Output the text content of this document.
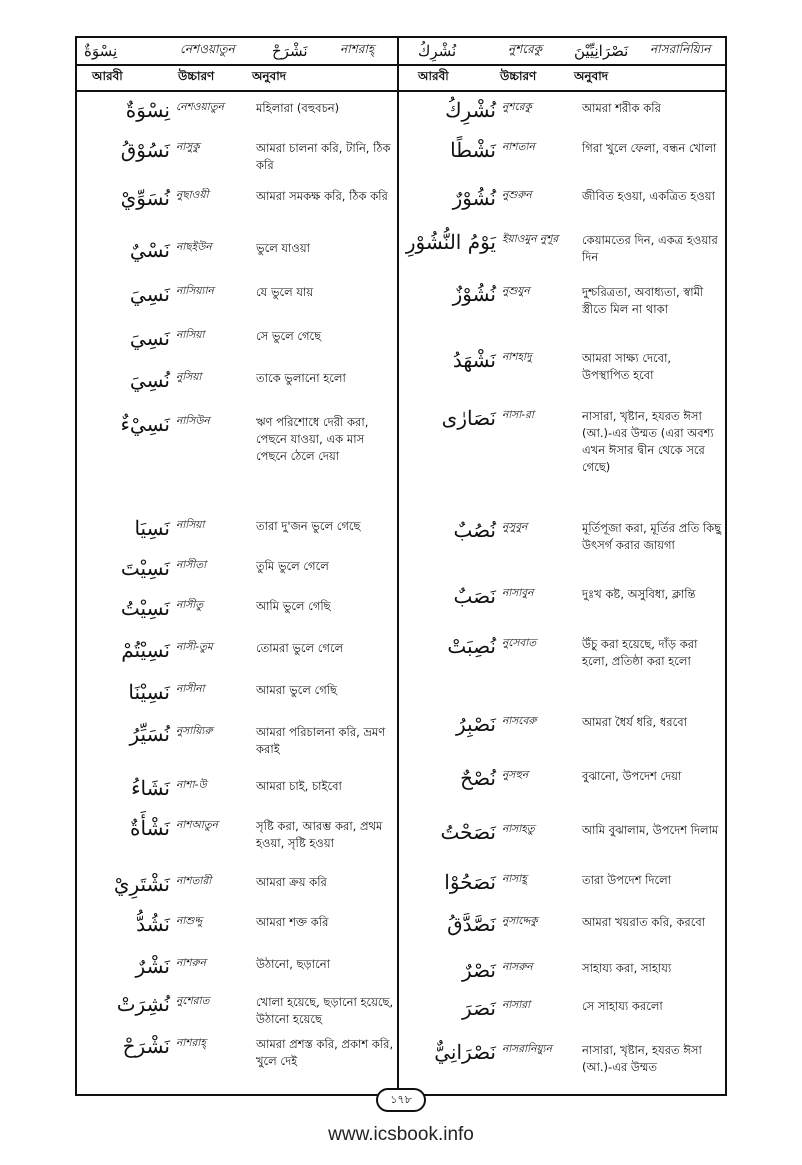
نِسْوَةٌ	নেশওয়াতুন نَشْرَحْ	নাশরাহ্‌	نُشْرِكُ	নুশরেকু نَصْرَانِيِّيْنَ নাসরানিয়্যিন
আরবী	উচ্চারণ	অনুবাদ	আরবী	উচ্চারণ	অনুবাদ
نِسْوَةٌ নেশওয়াতুন	মহিলারা (বহুবচন)
نَسُوْقُ নাসুকু	আমরা চালনা করি, টানি, ঠিক করি
نُسَوِّيْ নুছাওয়ী	আমরা সমকক্ষ করি, ঠিক করি
نَسْيٌ নাছইউন	ভুলে যাওয়া
نَسِيَ নাসিয়্যান	যে ভুলে যায়
نَسِيَ নাসিয়া	সে ভুলে গেছে
نُسِيَ নুসিয়া	তাকে ভুলানো হলো
نَسِيْءٌ নাসিউন	ঋণ পরিশোধে দেরী করা, পেছনে যাওয়া, এক মাস পেছনে ঠেলে দেয়া
نَسِيَا নাসিয়া	তারা দু'জন ভুলে গেছে
نَسِيْتَ নাসীতা	তুমি ভুলে গেলে
نَسِيْتُ নাসীতু	আমি ভুলে গেছি
نَسِيْتُمْ নাসী-তুম	তোমরা ভুলে গেলে
نَسِيْنَا নাসীনা	আমরা ভুলে গেছি
نُسَيِّرُ নুসায়্যিরু	আমরা পরিচালনা করি, ভ্রমণ করাই
نَشَاءُ নাশা-উ	আমরা চাই, চাইবো
نَشْأَةٌ নাশআতুন	সৃষ্টি করা, আরম্ভ করা, প্রথম হওয়া, সৃষ্টি হওয়া
نَشْتَرِيْ নাশতারী	আমরা ক্রয় করি
نَشُدُّ নাশুদ্দু	আমরা শক্ত করি
نَشْرٌ নাশরুন	উঠানো, ছড়ানো
نُشِرَتْ নুশেরাত	খোলা হয়েছে, ছড়ানো হয়েছে, উঠানো হয়েছে
نَشْرَحْ নাশরাহ্‌	আমরা প্রশস্ত করি, প্রকাশ করি, খুলে দেই
نُشْرِكُ নুশরেকু	আমরা শরীক করি
نَشْطًا নাশতান	গিরা খুলে ফেলা, বন্ধন খোলা
نُشُوْرٌ নুশুরুন	জীবিত হওয়া, একত্রিত হওয়া
يَوْمُ النُّشُوْرِ ইয়াওমুন নুশূর	কেয়ামতের দিন, একত্র হওয়ার দিন
نُشُوْزٌ নুশুযুন	দুশ্চরিত্রতা, অবাধ্যতা, স্বামী স্ত্রীতে মিল না থাকা
نَشْهَدُ নাশহাদু	আমরা সাক্ষ্য দেবো, উপস্থাপিত হবো
نَصَارٰى নাসা-রা	নাসারা, খৃষ্টান, হযরত ঈসা (আ.)-এর উম্মত (এরা অবশ্য এখন ঈসার দ্বীন থেকে সরে গেছে)
نُصُبٌ নুসুবুন	মূর্তিপূজা করা, মূর্তির প্রতি কিছু উৎসর্গ করার জায়গা
نَصَبٌ নাসাবুন	দুঃখ কষ্ট, অসুবিধা, ক্লান্তি
نُصِبَتْ নুসেবাত	উঁচু করা হয়েছে, দাঁড় করা হলো, প্রতিষ্ঠা করা হলো
نَصْبِرُ নাসবেরু	আমরা ধৈর্য ধরি, ধরবো
نُصْحٌ নুসহুন	বুঝানো, উপদেশ দেয়া
نَصَحْتُ নাসাহতু	আমি বুঝালাম, উপদেশ দিলাম
نَصَحُوْا নাসাহূ	তারা উপদেশ দিলো
نَصَّدَّقُ নুসাদ্দেকু	আমরা খয়রাত করি, করবো
نَصْرٌ নাসরুন	সাহায্য করা, সাহায্য
نَصَرَ নাসারা	সে সাহায্য করলো
نَصْرَانِيٌّ নাসরানিয়্যুন	নাসারা, খৃষ্টান, হযরত ঈসা (আ.)-এর উম্মত
১৭৮
www.icsbook.info
